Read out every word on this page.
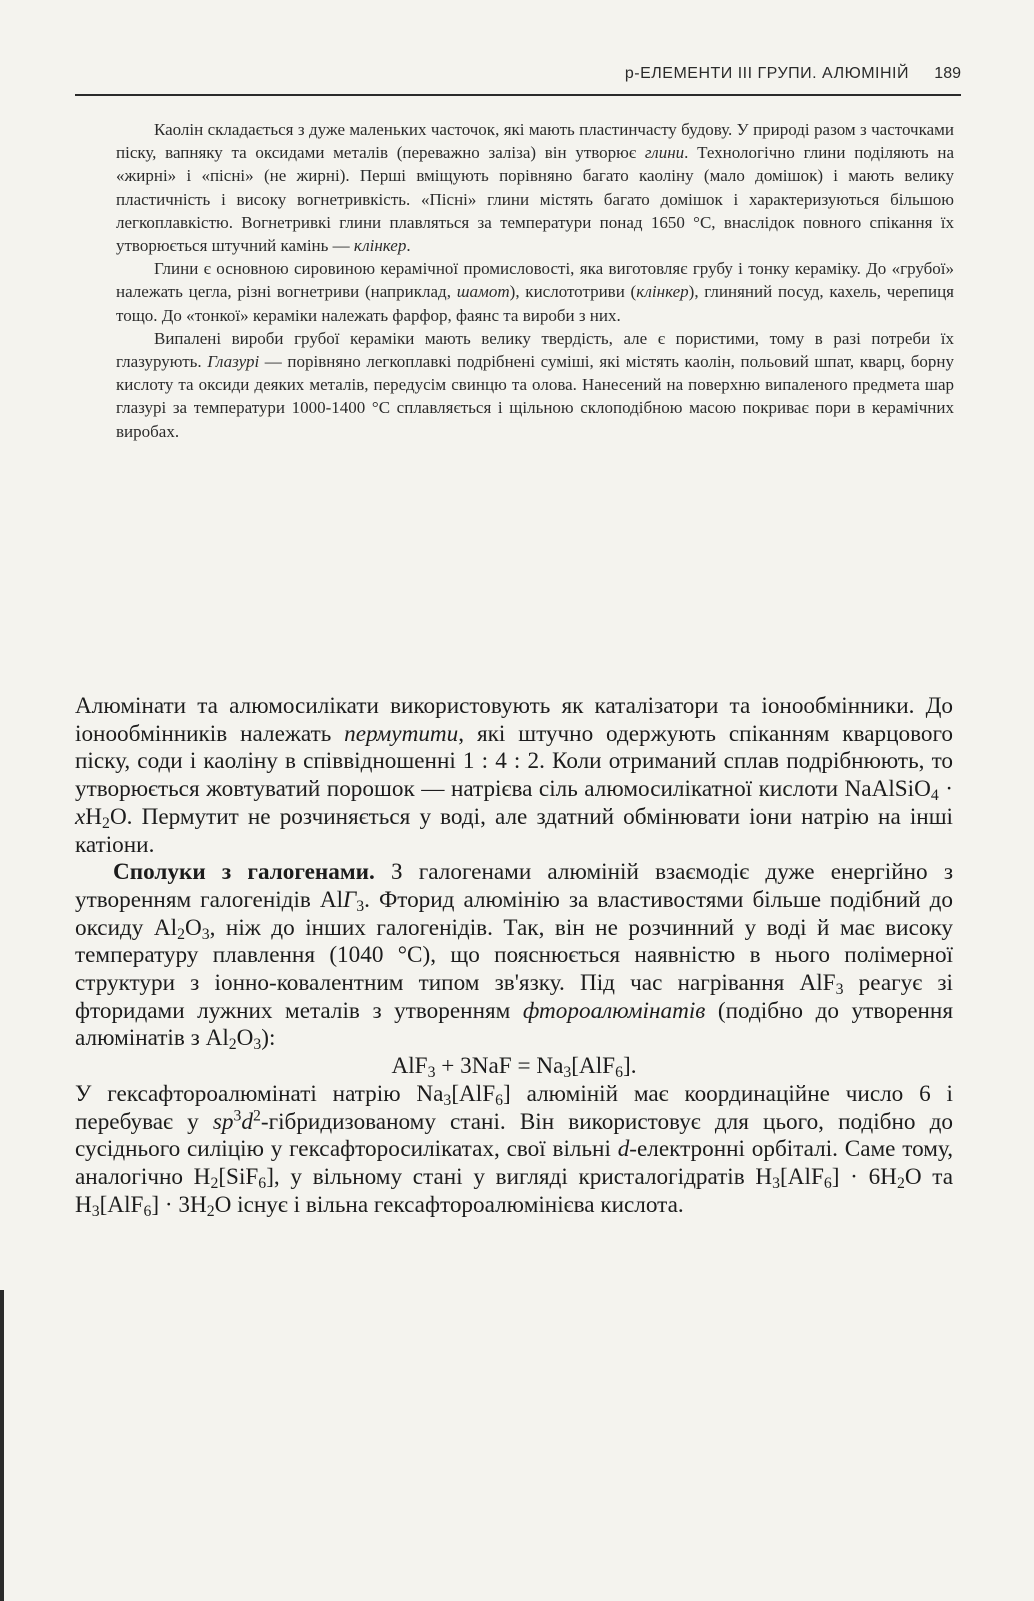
p-ЕЛЕМЕНТИ III ГРУПИ. АЛЮМІНІЙ 189

Каолін складається з дуже маленьких часточок, які мають пластинчасту будову. У природі разом з часточками піску, вапняку та оксидами металів (переважно заліза) він утворює глини. Технологічно глини поділяють на «жирні» і «пісні» (не жирні). Перші вміщують порівняно багато каоліну (мало домішок) і мають велику пластичність і високу вогнетривкість. «Пісні» глини містять багато домішок і характеризуються більшою легкоплавкістю. Вогнетривкі глини плавляться за температури понад 1650 °С, внаслідок повного спікання їх утворюється штучний камінь — клінкер.

Глини є основною сировиною керамічної промисловості, яка виготовляє грубу і тонку кераміку. До «грубої» належать цегла, різні вогнетриви (наприклад, шамот), кислототриви (клінкер), глиняний посуд, кахель, черепиця тощо. До «тонкої» кераміки належать фарфор, фаянс та вироби з них.

Випалені вироби грубої кераміки мають велику твердість, але є пористими, тому в разі потреби їх глазурують. Глазурі — порівняно легкоплавкі подрібнені суміші, які містять каолін, польовий шпат, кварц, борну кислоту та оксиди деяких металів, передусім свинцю та олова. Нанесений на поверхню випаленого предмета шар глазурі за температури 1000-1400 °С сплавляється і щільною склоподібною масою покриває пори в керамічних виробах.

Алюмінати та алюмосилікати використовують як каталізатори та іонообмінники. До іонообмінників належать пермутити, які штучно одержують спіканням кварцового піску, соди і каоліну в співвідношенні 1 : 4 : 2. Коли отриманий сплав подрібнюють, то утворюється жовтуватий порошок — натрієва сіль алюмосилікатної кислоти NaAlSiO$_4$ · $xH_2O$. Пермутит не розчиняється у воді, але здатний обмінювати іони натрію на інші катіони.

Сполуки з галогенами. З галогенами алюміній взаємодіє дуже енергійно з утворенням галогенідів AlГ$_3$. Фторид алюмінію за властивостями більше подібний до оксиду $Al_2O_3$, ніж до інших галогенідів. Так, він не розчинний у воді й має високу температуру плавлення (1040 °С), що пояснюється наявністю в нього полімерної структури з іонно-ковалентним типом зв'язку. Під час нагрівання AlF$_3$ реагує зі фторидами лужних металів з утворенням фтороалюмінатів (подібно до утворення алюмінатів з $Al_2O_3$):

$AlF_3 + 3NaF = Na_3[AlF_6]$.

У гексафтороалюмінаті натрію $Na_3[AlF_6]$ алюміній має координаційне число 6 і перебуває у $sp^3d^2$-гібридизованому стані. Він використовує для цього, подібно до сусіднього силіцію у гексафторосилікатах, свої вільні d-електронні орбіталі. Саме тому, аналогічно $H_2[SiF_6]$, у вільному стані у вигляді кристалогідратів $H_3[AlF_6] \cdot 6H_2O$ та $H_3[AlF_6] \cdot 3H_2O$ існує і вільна гексафтороалюмінієва кислота.
